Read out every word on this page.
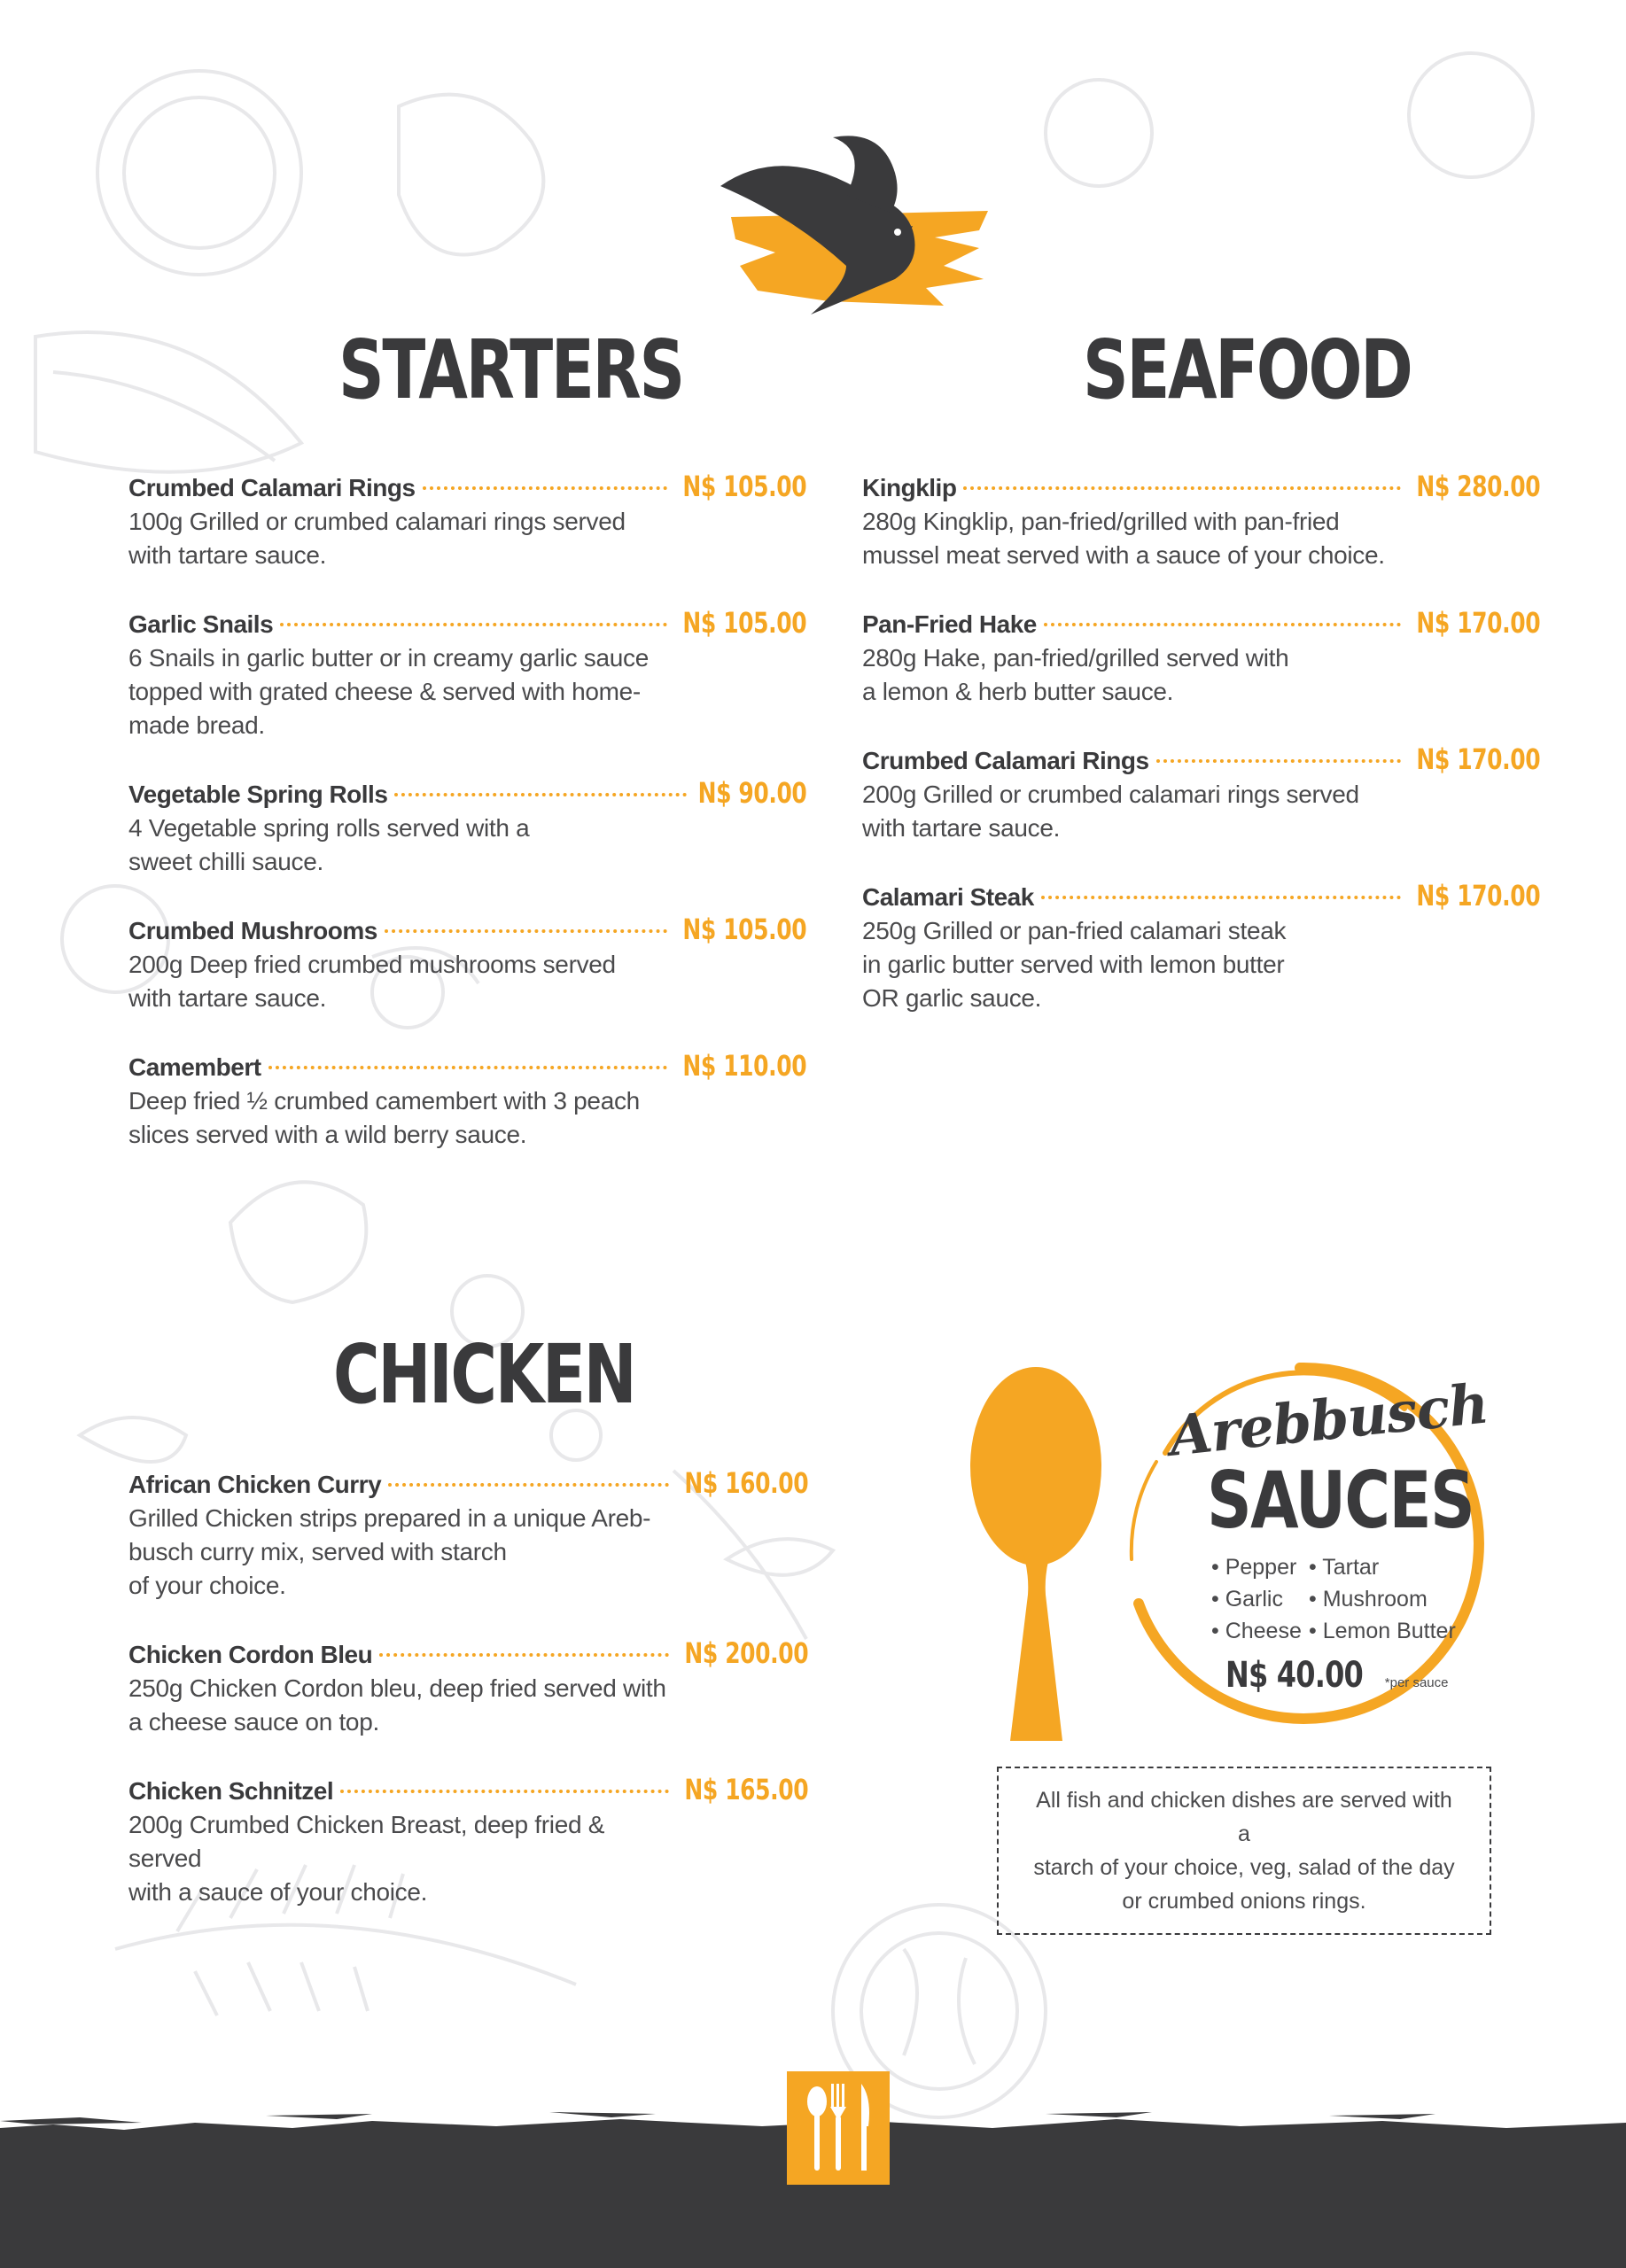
STARTERS
Crumbed Calamari Rings	N$ 105.00

100g Grilled or crumbed calamari rings served
with tartare sauce.

Garlic Snails	N$ 105.00

6 Snails in garlic butter or in creamy garlic sauce
topped with grated cheese & served with home-
made bread.

Vegetable Spring Rolls	N$ 90.00

4 Vegetable spring rolls served with a
sweet chilli sauce.

Crumbed Mushrooms	N$ 105.00

200g Deep fried crumbed mushrooms served
with tartare sauce.

Camembert	N$ 110.00

Deep fried ½ crumbed camembert with 3 peach
slices served with a wild berry sauce.

SEAFOOD
Kingklip	N$ 280.00

280g Kingklip, pan-fried/grilled with pan-fried
mussel meat served with a sauce of your choice.

Pan-Fried Hake	N$ 170.00

280g Hake, pan-fried/grilled served with
a lemon & herb butter sauce.

Crumbed Calamari Rings	N$ 170.00

200g Grilled or crumbed calamari rings served
with tartare sauce.

Calamari Steak	N$ 170.00

250g Grilled or pan-fried calamari steak
in garlic butter served with lemon butter
OR garlic sauce.

CHICKEN
African Chicken Curry	N$ 160.00

Grilled Chicken strips prepared in a unique Areb-
busch curry mix, served with starch
of your choice.

Chicken Cordon Bleu	N$ 200.00

250g Chicken Cordon bleu, deep fried served with
a cheese sauce on top.

Chicken Schnitzel	N$ 165.00

200g Crumbed Chicken Breast, deep fried & served
with a sauce of your choice.

Arebbusch
SAUCES
• Pepper • Tartar
• Garlic	• Mushroom
• Cheese • Lemon Butter
N$ 40.00 *per sauce

All fish and chicken dishes are served with a
starch of your choice, veg, salad of the day
or crumbed onions rings.
